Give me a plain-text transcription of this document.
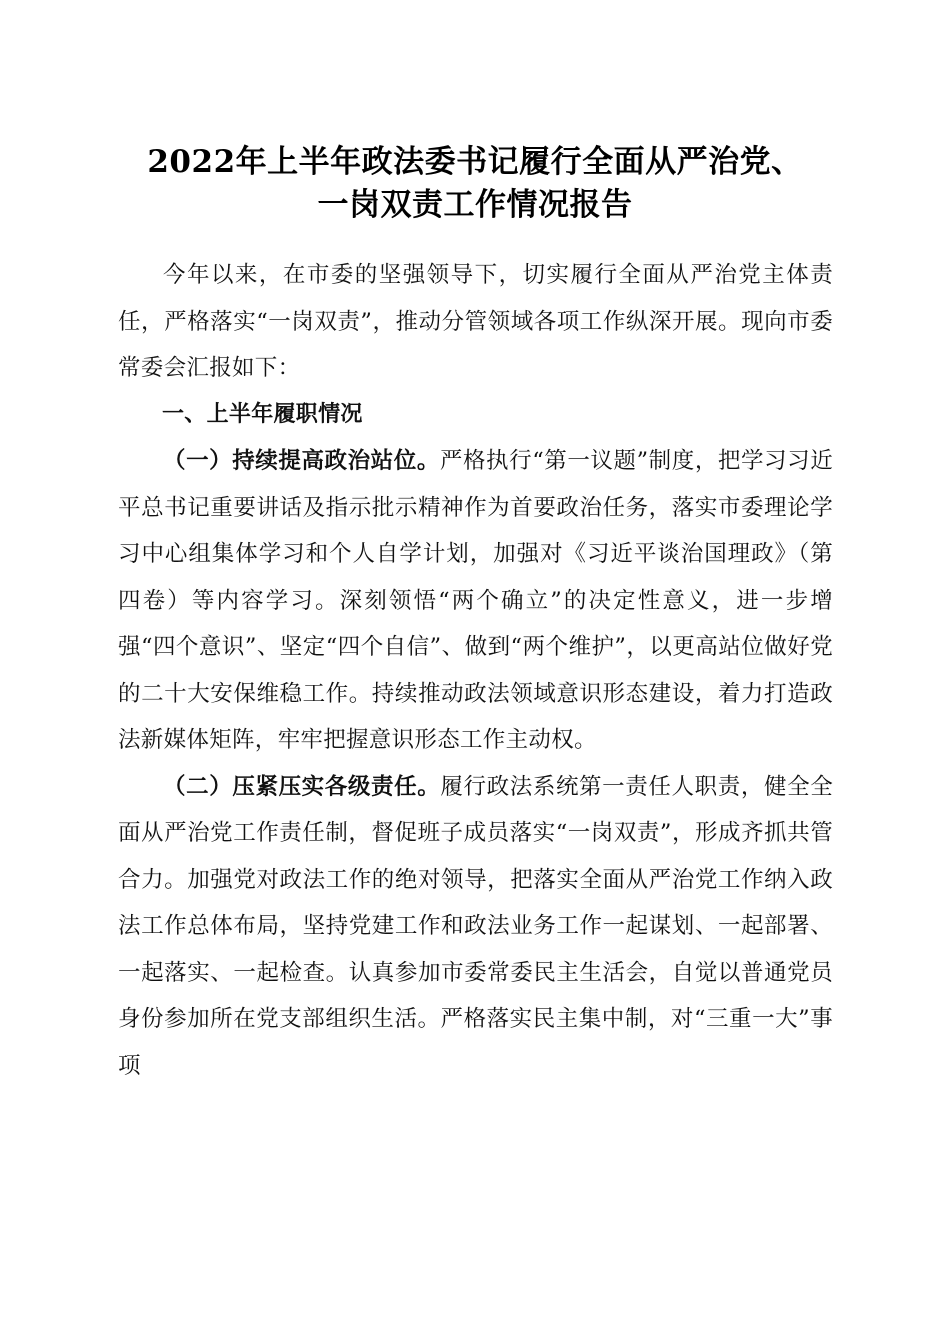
2022年上半年政法委书记履行全面从严治党、
一岗双责工作情况报告

今年以来，在市委的坚强领导下，切实履行全面从严治党主体责任，严格落实“一岗双责”，推动分管领域各项工作纵深开展。现向市委常委会汇报如下：

一、上半年履职情况

（一）持续提高政治站位。严格执行“第一议题”制度，把学习习近平总书记重要讲话及指示批示精神作为首要政治任务，落实市委理论学习中心组集体学习和个人自学计划，加强对《习近平谈治国理政》（第四卷）等内容学习。深刻领悟“两个确立”的决定性意义，进一步增强“四个意识”、坚定“四个自信”、做到“两个维护”，以更高站位做好党的二十大安保维稳工作。持续推动政法领域意识形态建设，着力打造政法新媒体矩阵，牢牢把握意识形态工作主动权。

（二）压紧压实各级责任。履行政法系统第一责任人职责，健全全面从严治党工作责任制，督促班子成员落实“一岗双责”，形成齐抓共管合力。加强党对政法工作的绝对领导，把落实全面从严治党工作纳入政法工作总体布局，坚持党建工作和政法业务工作一起谋划、一起部署、一起落实、一起检查。认真参加市委常委民主生活会，自觉以普通党员身份参加所在党支部组织生活。严格落实民主集中制，对“三重一大”事项
